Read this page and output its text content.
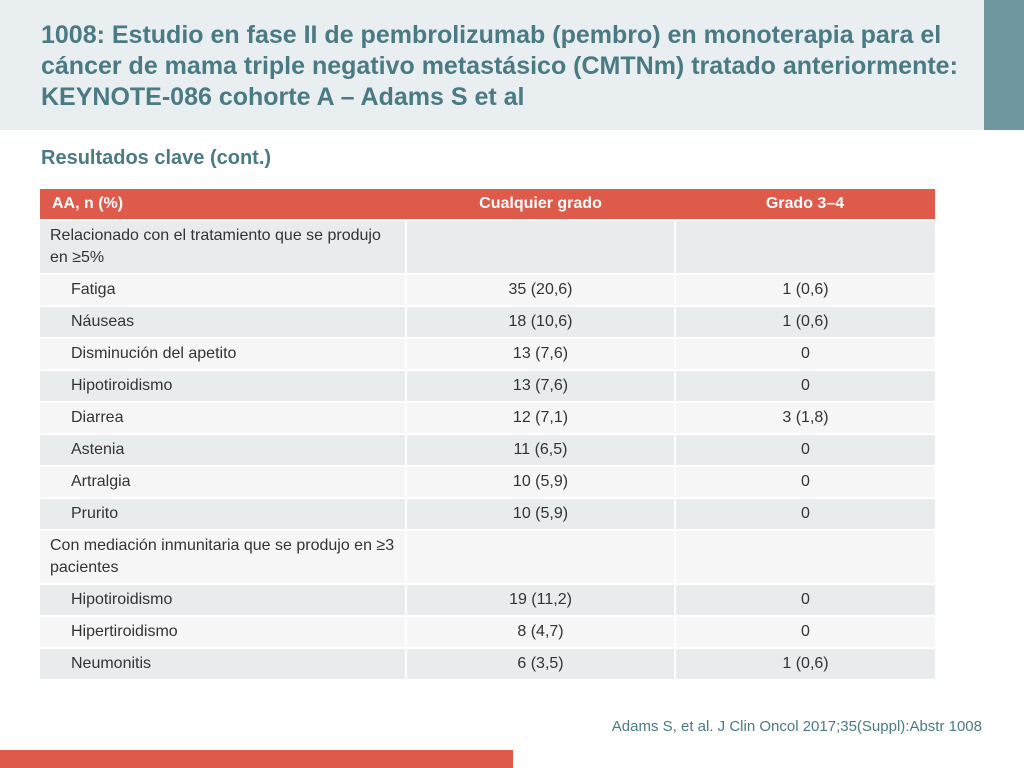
1008: Estudio en fase II de pembrolizumab (pembro) en monoterapia para el cáncer de mama triple negativo metastásico (CMTNm) tratado anteriormente: KEYNOTE-086 cohorte A – Adams S et al
Resultados clave (cont.)
AA, n (%)	Cualquier grado	Grado 3–4
Relacionado con el tratamiento que se produjo en ≥5%		
Fatiga	35 (20,6)	1 (0,6)
Náuseas	18 (10,6)	1 (0,6)
Disminución del apetito	13 (7,6)	0
Hipotiroidismo	13 (7,6)	0
Diarrea	12 (7,1)	3 (1,8)
Astenia	11 (6,5)	0
Artralgia	10 (5,9)	0
Prurito	10 (5,9)	0
Con mediación inmunitaria que se produjo en ≥3 pacientes		
Hipotiroidismo	19 (11,2)	0
Hipertiroidismo	8 (4,7)	0
Neumonitis	6 (3,5)	1 (0,6)

Adams S, et al. J Clin Oncol 2017;35(Suppl):Abstr 1008
